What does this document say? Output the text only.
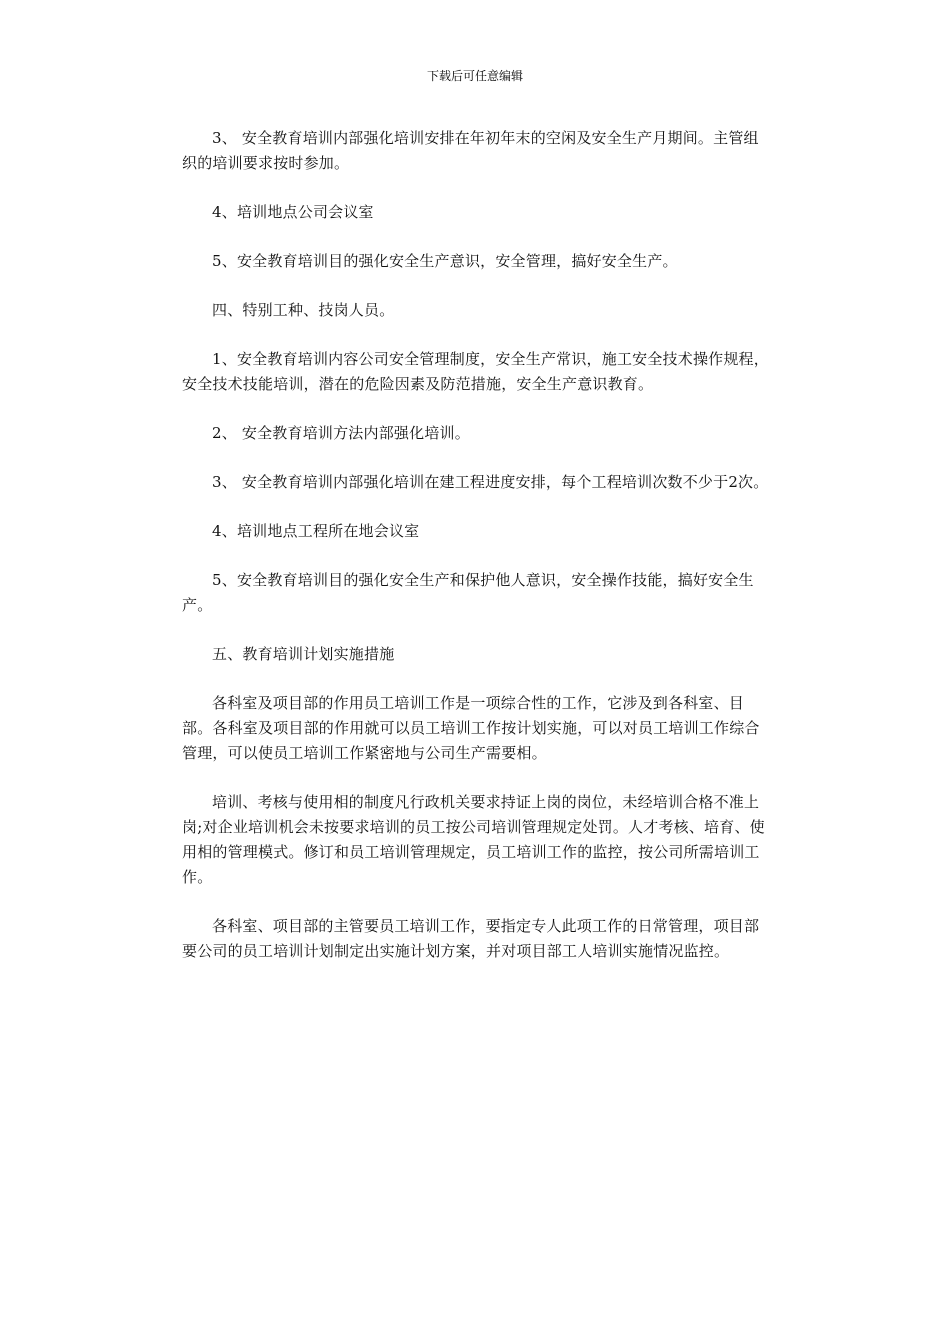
下载后可任意编辑

3、 安全教育培训内部强化培训安排在年初年末的空闲及安全生产月期间。主管组织的培训要求按时参加。

4、培训地点公司会议室

5、安全教育培训目的强化安全生产意识，安全管理，搞好安全生产。

四、特别工种、技岗人员。

1、安全教育培训内容公司安全管理制度，安全生产常识，施工安全技术操作规程，安全技术技能培训，潜在的危险因素及防范措施，安全生产意识教育。

2、 安全教育培训方法内部强化培训。

3、 安全教育培训内部强化培训在建工程进度安排，每个工程培训次数不少于2次。

4、培训地点工程所在地会议室

5、安全教育培训目的强化安全生产和保护他人意识，安全操作技能，搞好安全生产。

五、教育培训计划实施措施

各科室及项目部的作用员工培训工作是一项综合性的工作，它涉及到各科室、目部。各科室及项目部的作用就可以员工培训工作按计划实施，可以对员工培训工作综合管理，可以使员工培训工作紧密地与公司生产需要相。

培训、考核与使用相的制度凡行政机关要求持证上岗的岗位，未经培训合格不准上岗;对企业培训机会未按要求培训的员工按公司培训管理规定处罚。人才考核、培育、使用相的管理模式。修订和员工培训管理规定，员工培训工作的监控，按公司所需培训工作。

各科室、项目部的主管要员工培训工作，要指定专人此项工作的日常管理，项目部要公司的员工培训计划制定出实施计划方案，并对项目部工人培训实施情况监控。
